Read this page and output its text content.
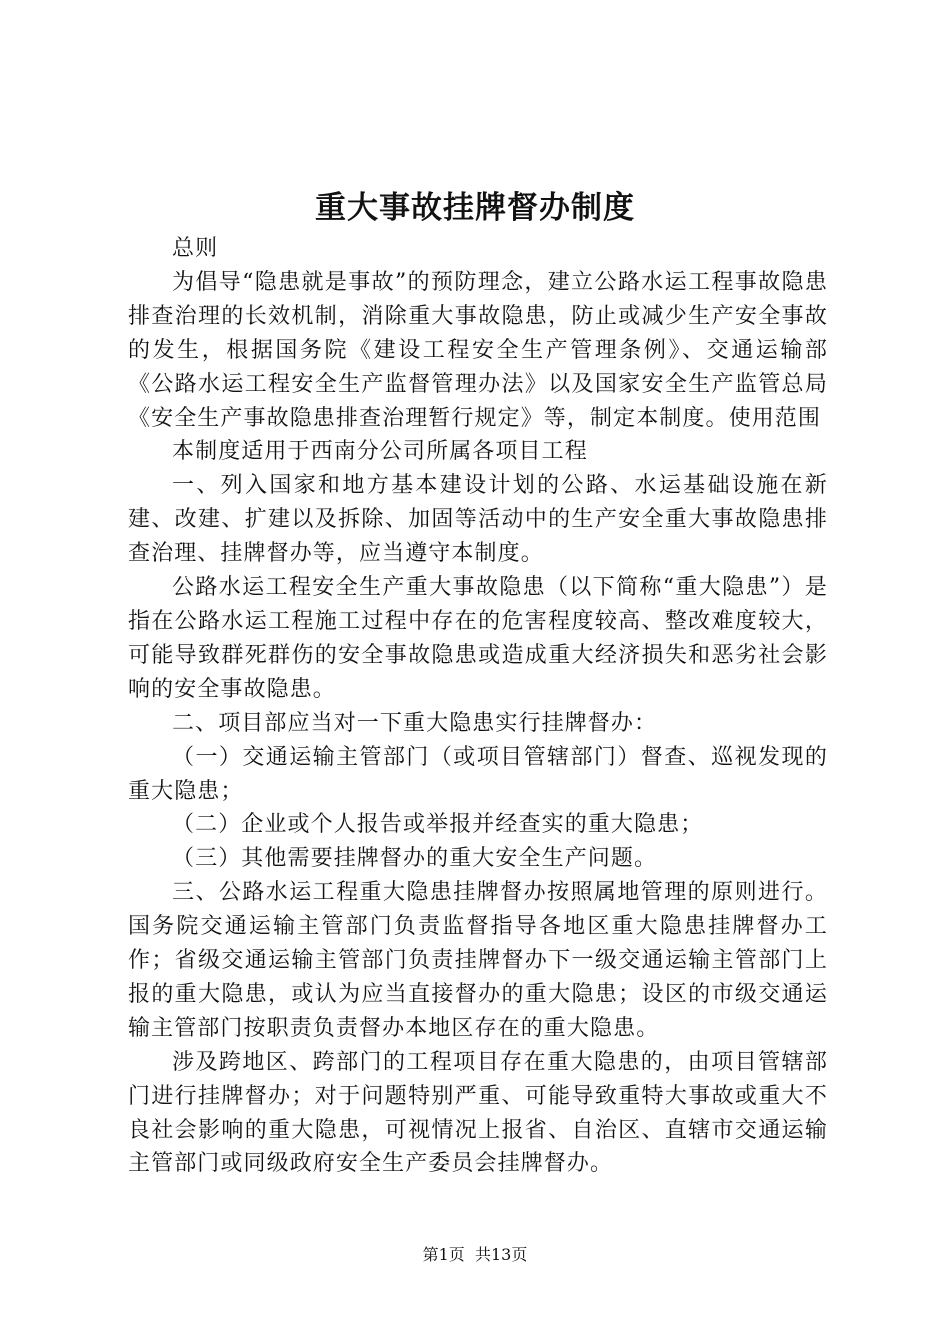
重大事故挂牌督办制度

总则

为倡导“隐患就是事故”的预防理念，建立公路水运工程事故隐患排查治理的长效机制，消除重大事故隐患，防止或减少生产安全事故的发生，根据国务院《建设工程安全生产管理条例》、交通运输部《公路水运工程安全生产监督管理办法》以及国家安全生产监管总局《安全生产事故隐患排查治理暂行规定》等，制定本制度。使用范围

本制度适用于西南分公司所属各项目工程

一、列入国家和地方基本建设计划的公路、水运基础设施在新建、改建、扩建以及拆除、加固等活动中的生产安全重大事故隐患排查治理、挂牌督办等，应当遵守本制度。

公路水运工程安全生产重大事故隐患（以下简称“重大隐患”）是指在公路水运工程施工过程中存在的危害程度较高、整改难度较大，可能导致群死群伤的安全事故隐患或造成重大经济损失和恶劣社会影响的安全事故隐患。

二、项目部应当对一下重大隐患实行挂牌督办：

（一）交通运输主管部门（或项目管辖部门）督查、巡视发现的重大隐患；

（二）企业或个人报告或举报并经查实的重大隐患；

（三）其他需要挂牌督办的重大安全生产问题。

三、公路水运工程重大隐患挂牌督办按照属地管理的原则进行。国务院交通运输主管部门负责监督指导各地区重大隐患挂牌督办工作；省级交通运输主管部门负责挂牌督办下一级交通运输主管部门上报的重大隐患，或认为应当直接督办的重大隐患；设区的市级交通运输主管部门按职责负责督办本地区存在的重大隐患。

涉及跨地区、跨部门的工程项目存在重大隐患的，由项目管辖部门进行挂牌督办；对于问题特别严重、可能导致重特大事故或重大不良社会影响的重大隐患，可视情况上报省、自治区、直辖市交通运输主管部门或同级政府安全生产委员会挂牌督办。

第1页 共13页
